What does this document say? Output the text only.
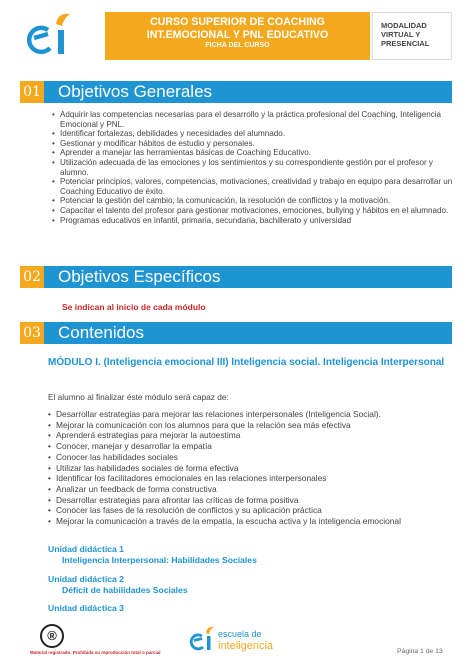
CURSO SUPERIOR DE COACHING
INT.EMOCIONAL Y PNL EDUCATIVO
FICHA DEL CURSO
MODALIDAD
VIRTUAL Y
PRESENCIAL
01 Objetivos Generales
• Adquirir las competencias necesarias para el desarrollo y la práctica profesional del Coaching, Inteligencia Emocional y PNL.
• Identificar fortalezas, debilidades y necesidades del alumnado.
• Gestionar y modificar hábitos de estudio y personales.
• Aprender a manejar las herramientas básicas de Coaching Educativo.
• Utilización adecuada de las emociones y los sentimientos y su correspondiente gestión por el profesor y alumno.
• Potenciar principios, valores, competencias, motivaciones, creatividad y trabajo en equipo para desarrollar un Coaching Educativo de éxito.
• Potenciar la gestión del cambio, la comunicación, la resolución de conflictos y la motivación.
• Capacitar el talento del profesor para gestionar motivaciones, emociones, bullying y hábitos en el alumnado.
• Programas educativos en infantil, primaria, secundaria, bachillerato y universidad
02 Objetivos Específicos
Se indican al inicio de cada módulo
03 Contenidos
MÓDULO I. (Inteligencia emocional III) Inteligencia social. Inteligencia Interpersonal
El alumno al finalizar éste módulo será capaz de:
• Desarrollar estrategias para mejorar las relaciones interpersonales (Inteligencia Social).
• Mejorar la comunicación con los alumnos para que la relación sea más efectiva
• Aprenderá estrategias para mejorar la autoestima
• Conocer, manejar y desarrollar la empatía
• Conocer las habilidades sociales
• Utilizar las habilidades sociales de forma efectiva
• Identificar los facilitadores emocionales en las relaciones interpersonales
• Analizar un feedback de forma constructiva
• Desarrollar estrategias para afrontar las críticas de forma positiva
• Conocer las fases de la resolución de conflictos y su aplicación práctica
• Mejorar la comunicación a través de la empatía, la escucha activa y la inteligencia emocional
Unidad didáctica 1
Inteligencia Interpersonal: Habilidades Sociales
Unidad didáctica 2
Déficit de habilidades Sociales
Unidad didáctica 3
®
Material registrado. Prohibida su reproducción total o parcial
escuela de
inteligencia	Página 1 de 13
